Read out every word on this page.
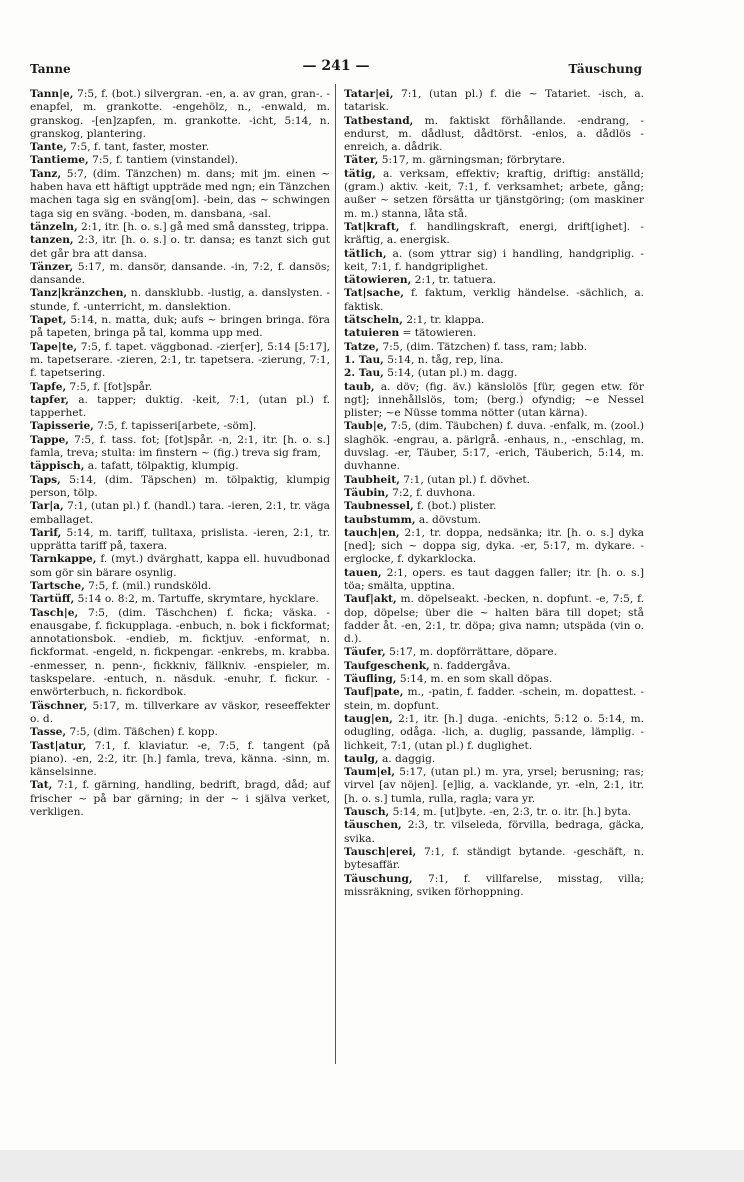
Tanne	— 241 —	Täuschung

Tann|e, 7:5, f. (bot.) silvergran. -en, a. av gran, gran-. -enapfel, m. grankotte. -engehölz, n., -enwald, m. granskog. -[en]zapfen, m. grankotte. -icht, 5:14, n. granskog, plantering.

Tante, 7:5, f. tant, faster, moster.

Tantieme, 7:5, f. tantiem (vinstandel).

Tanz, 5:7, (dim. Tänzchen) m. dans; mit jm. einen ~ haben hava ett häftigt uppträde med ngn; ein Tänzchen machen taga sig en sväng[om]. -bein, das ~ schwingen taga sig en sväng. -boden, m. dansbana, -sal.

tänzeln, 2:1, itr. [h. o. s.] gå med små danssteg, trippa.

tanzen, 2:3, itr. [h. o. s.] o. tr. dansa; es tanzt sich gut det går bra att dansa.

Tänzer, 5:17, m. dansör, dansande. -in, 7:2, f. dansös; dansande.

Tanz|kränzchen, n. dansklubb. -lustig, a. danslysten. -stunde, f. -unterricht, m. danslektion.

Tapet, 5:14, n. matta, duk; aufs ~ bringen bringa. föra på tapeten, bringa på tal, komma upp med.

Tape|te, 7:5, f. tapet. väggbonad. -zier[er], 5:14 [5:17], m. tapetserare. -zieren, 2:1, tr. tapetsera. -zierung, 7:1, f. tapetsering.

Tapfe, 7:5, f. [fot]spår.

tapfer, a. tapper; duktig. -keit, 7:1, (utan pl.) f. tapperhet.

Tapisserie, 7:5, f. tapisseri[arbete, -söm].

Tappe, 7:5, f. tass. fot; [fot]spår. -n, 2:1, itr. [h. o. s.] famla, treva; stulta: im finstern ~ (fig.) treva sig fram,

täppisch, a. tafatt, tölpaktig, klumpig.

Taps, 5:14, (dim. Täpschen) m. tölpaktig, klumpig person, tölp.

Tar|a, 7:1, (utan pl.) f. (handl.) tara. -ieren, 2:1, tr. väga emballaget.

Tarif, 5:14, m. tariff, tulltaxa, prislista. -ieren, 2:1, tr. upprätta tariff på, taxera.

Tarnkappe, f. (myt.) dvärghatt, kappa ell. huvudbonad som gör sin bärare osynlig.

Tartsche, 7:5, f. (mil.) rundsköld.

Tartüff, 5:14 o. 8:2, m. Tartuffe, skrymtare, hycklare.

Tasch|e, 7:5, (dim. Täschchen) f. ficka; väska. -enausgabe, f. fickupplaga. -enbuch, n. bok i fickformat; annotationsbok. -endieb, m. ficktjuv. -enformat, n. fickformat. -engeld, n. fickpengar. -enkrebs, m. krabba. -enmesser, n. penn-, fickkniv, fällkniv. -enspieler, m. taskspelare. -entuch, n. näsduk. -enuhr, f. fickur. -enwörterbuch, n. fickordbok.

Täschner, 5:17, m. tillverkare av väskor, reseeffekter o. d.

Tasse, 7:5, (dim. Täßchen) f. kopp.

Tast|atur, 7:1, f. klaviatur. -e, 7:5, f. tangent (på piano). -en, 2:2, itr. [h.] famla, treva, känna. -sinn, m. känselsinne.

Tat, 7:1, f. gärning, handling, bedrift, bragd, dåd; auf frischer ~ på bar gärning; in der ~ i själva verket, verkligen.

Tatar|ei, 7:1, (utan pl.) f. die ~ Tatariet. -isch, a. tatarisk.

Tatbestand, m. faktiskt förhållande. -endrang, -endurst, m. dådlust, dådtörst. -enlos, a. dådlös -enreich, a. dådrik.

Täter, 5:17, m. gärningsman; förbrytare.

tätig, a. verksam, effektiv; kraftig, driftig: anställd; (gram.) aktiv. -keit, 7:1, f. verksamhet; arbete, gång; außer ~ setzen försätta ur tjänstgöring; (om maskiner m. m.) stanna, låta stå.

Tat|kraft, f. handlingskraft, energi, drift[ighet]. -kräftig, a. energisk.

tätlich, a. (som yttrar sig) i handling, handgriplig. -keit, 7:1, f. handgriplighet.

tätowieren, 2:1, tr. tatuera.

Tat|sache, f. faktum, verklig händelse. -sächlich, a. faktisk.

tätscheln, 2:1, tr. klappa.

tatuieren = tätowieren.

Tatze, 7:5, (dim. Tätzchen) f. tass, ram; labb.

1. Tau, 5:14, n. tåg, rep, lina.

2. Tau, 5:14, (utan pl.) m. dagg.

taub, a. döv; (fig. äv.) känslolös [für, gegen etw. för ngt]; innehållslös, tom; (berg.) ofyndig; ~e Nessel plister; ~e Nüsse tomma nötter (utan kärna).

Taub|e, 7:5, (dim. Täubchen) f. duva. -enfalk, m. (zool.) slaghök. -engrau, a. pärlgrå. -enhaus, n., -enschlag, m. duvslag. -er, Täuber, 5:17, -erich, Täuberich, 5:14, m. duvhanne.

Taubheit, 7:1, (utan pl.) f. dövhet.

Täubin, 7:2, f. duvhona.

Taubnessel, f. (bot.) plister.

taubstumm, a. dövstum.

tauch|en, 2:1, tr. doppa, nedsänka; itr. [h. o. s.] dyka [ned]; sich ~ doppa sig, dyka. -er, 5:17, m. dykare. -erglocke, f. dykarklocka.

tauen, 2:1, opers. es taut daggen faller; itr. [h. o. s.] töa; smälta, upptina.

Tauf|akt, m. döpelseakt. -becken, n. dopfunt. -e, 7:5, f. dop, döpelse; über die ~ halten bära till dopet; stå fadder åt. -en, 2:1, tr. döpa; giva namn; utspäda (vin o. d.).

Täufer, 5:17, m. dopförrättare, döpare.

Taufgeschenk, n. faddergåva.

Täufling, 5:14, m. en som skall döpas.

Tauf|pate, m., -patin, f. fadder. -schein, m. dopattest. -stein, m. dopfunt.

taug|en, 2:1, itr. [h.] duga. -enichts, 5:12 o. 5:14, m. odugling, odåga. -lich, a. duglig, passande, lämplig. -lichkeit, 7:1, (utan pl.) f. duglighet.

taulg, a. daggig.

Taum|el, 5:17, (utan pl.) m. yra, yrsel; berusning; ras; virvel [av nöjen]. [e]lig, a. vacklande, yr. -eln, 2:1, itr. [h. o. s.] tumla, rulla, ragla; vara yr.

Tausch, 5:14, m. [ut]byte. -en, 2:3, tr. o. itr. [h.] byta.

täuschen, 2:3, tr. vilseleda, förvilla, bedraga, gäcka, svika.

Tausch|erei, 7:1, f. ständigt bytande. -geschäft, n. bytesaffär.

Täuschung, 7:1, f. villfarelse, misstag, villa; missräkning, sviken förhoppning.
